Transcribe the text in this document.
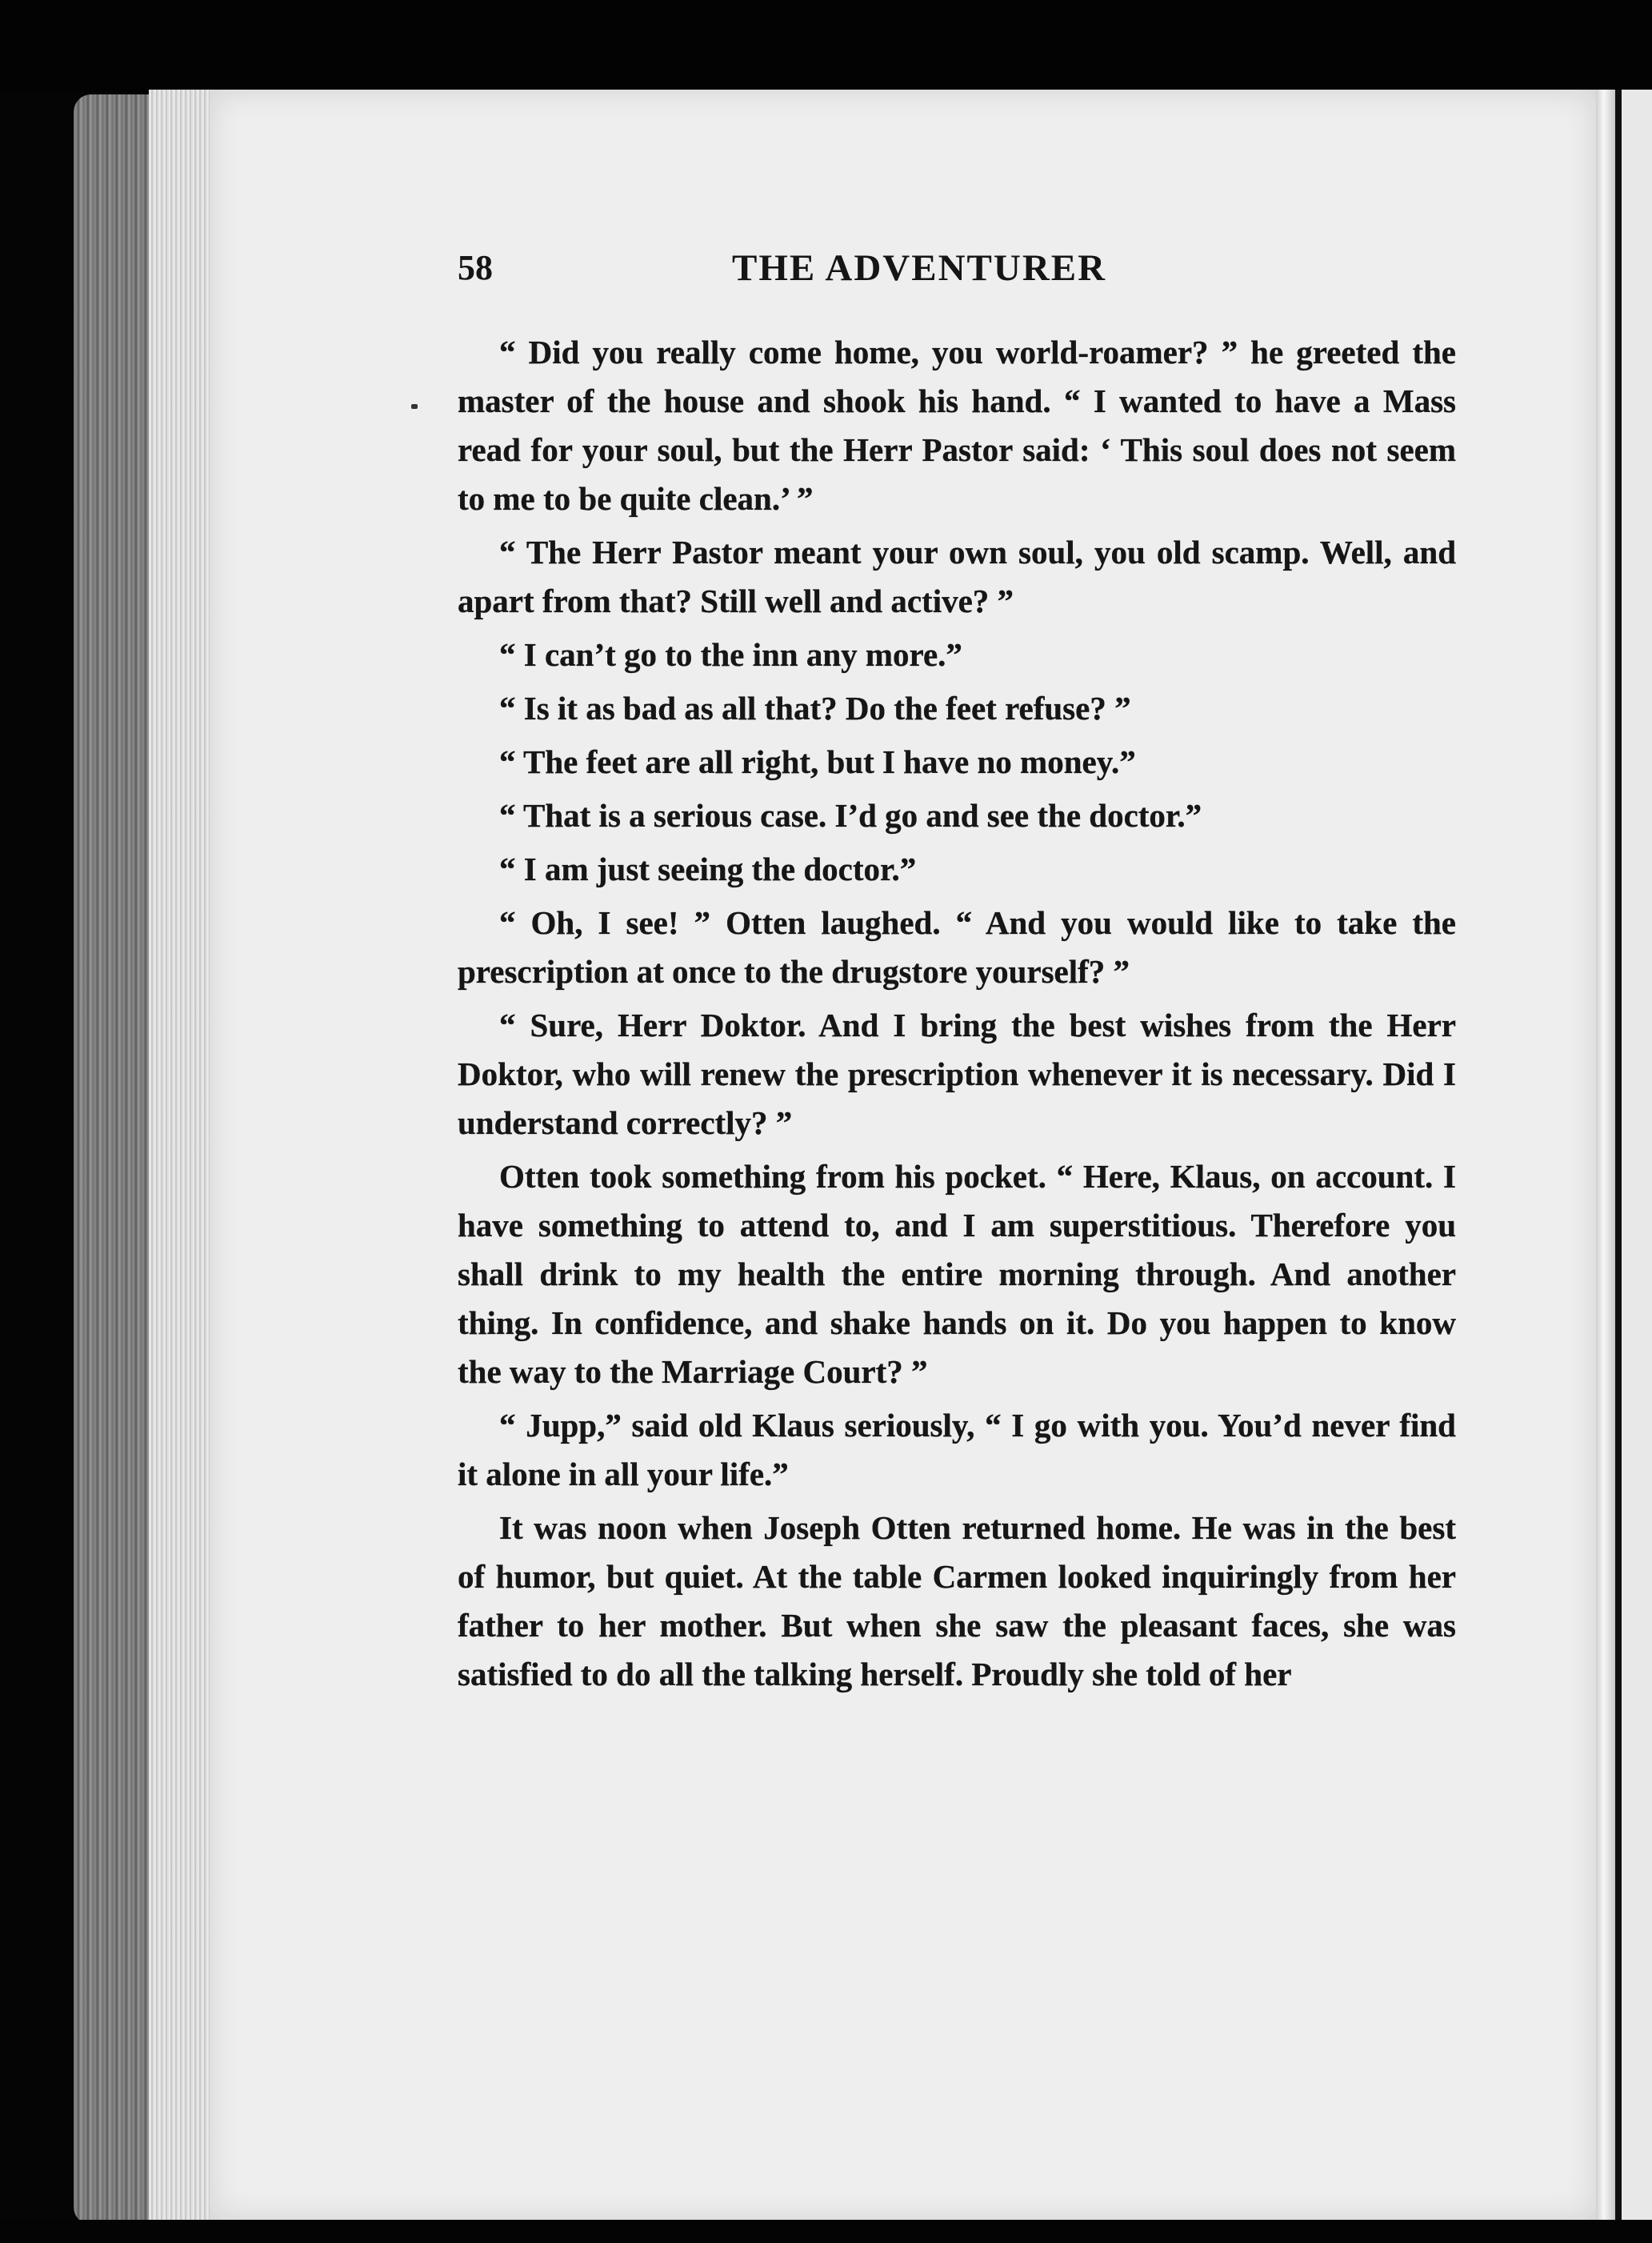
58	THE ADVENTURER

“ Did you really come home, you world-roamer? ” he greeted the master of the house and shook his hand. “ I wanted to have a Mass read for your soul, but the Herr Pastor said: ‘ This soul does not seem to me to be quite clean.’ ”

“ The Herr Pastor meant your own soul, you old scamp. Well, and apart from that? Still well and active? ”

“ I can’t go to the inn any more.”

“ Is it as bad as all that? Do the feet refuse? ”

“ The feet are all right, but I have no money.”

“ That is a serious case. I’d go and see the doctor.”

“ I am just seeing the doctor.”

“ Oh, I see! ” Otten laughed. “ And you would like to take the prescription at once to the drugstore yourself? ”

“ Sure, Herr Doktor. And I bring the best wishes from the Herr Doktor, who will renew the prescription whenever it is necessary. Did I understand correctly? ”

Otten took something from his pocket. “ Here, Klaus, on account. I have something to attend to, and I am superstitious. Therefore you shall drink to my health the entire morning through. And another thing. In confidence, and shake hands on it. Do you happen to know the way to the Marriage Court? ”

“ Jupp,” said old Klaus seriously, “ I go with you. You’d never find it alone in all your life.”

It was noon when Joseph Otten returned home. He was in the best of humor, but quiet. At the table Carmen looked inquiringly from her father to her mother. But when she saw the pleasant faces, she was satisfied to do all the talking herself. Proudly she told of her
